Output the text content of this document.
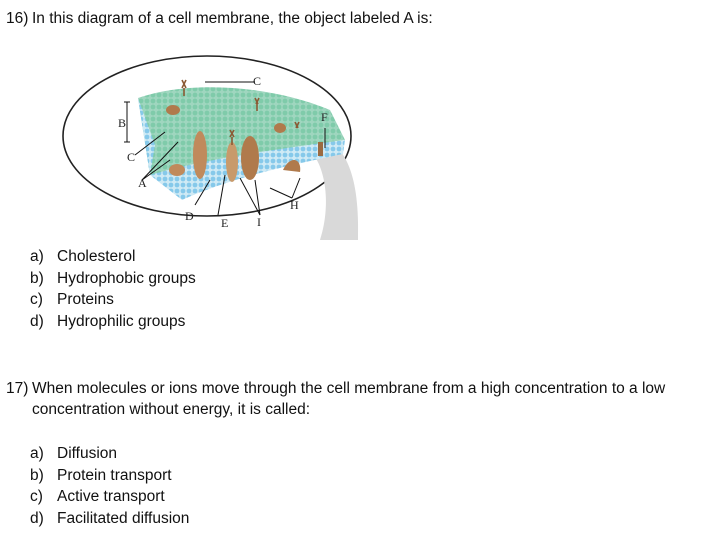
16) In this diagram of a cell membrane, the object labeled A is:
A
B
C
D E I
H
F
C
a) Cholesterol
b) Hydrophobic groups
c) Proteins
d) Hydrophilic groups
17) When molecules or ions move through the cell membrane from a high concentration to a low
concentration without energy, it is called:
a) Diffusion
b) Protein transport
c) Active transport
d) Facilitated diffusion
